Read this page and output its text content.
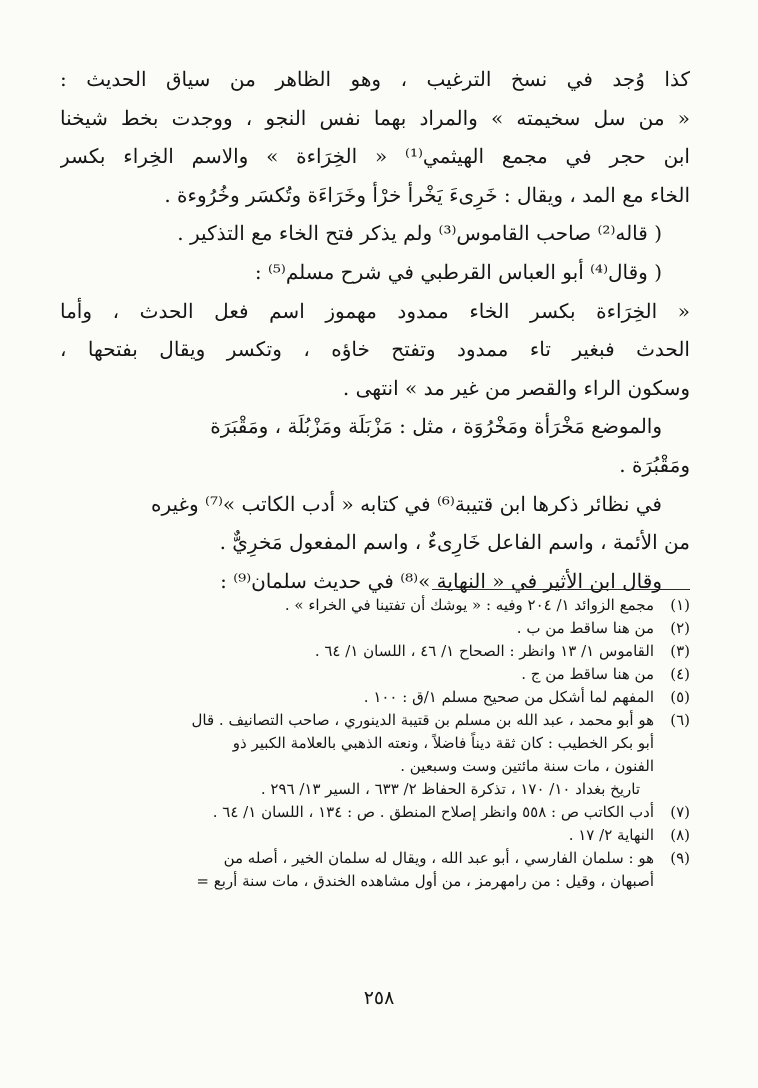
كذا وُجد في نسخ الترغيب ، وهو الظاهر من سياق الحديث :
« من سل سخيمته » والمراد بهما نفس النجو ، ووجدت بخط شيخنا
ابن حجر في مجمع الهيثمي⁽¹⁾ « الخِرَاءة » والاسم الخِراء بكسر
الخاء مع المد ، ويقال : خَرِىءَ يَخْرأ خرْأ وخَرَاءَة وتُكسَر وخُرُوءة .
( قاله⁽²⁾ صاحب القاموس⁽³⁾ ولم يذكر فتح الخاء مع التذكير .
( وقال⁽⁴⁾ أبو العباس القرطبي في شرح مسلم⁽⁵⁾ :
« الخِرَاءة بكسر الخاء ممدود مهموز اسم فعل الحدث ، وأما
الحدث فبغير تاء ممدود وتفتح خاؤه ، وتكسر ويقال بفتحها ،
وسكون الراء والقصر من غير مد » انتهى .
والموضع مَخْرَأة ومَخْرُوَة ، مثل : مَزْبَلَة ومَزْبُلَة ، ومَقْبَرَة
ومَقْبُرَة .
في نظائر ذكرها ابن قتيبة⁽⁶⁾ في كتابه « أدب الكاتب »⁽⁷⁾ وغيره
من الأئمة ، واسم الفاعل خَارِىءٌ ، واسم المفعول مَخرِيٌّ .
وقال ابن الأثير في « النهاية »⁽⁸⁾ في حديث سلمان⁽⁹⁾ :
(١)
مجمع الزوائد ١/ ٢٠٤ وفيه : « يوشك أن تفتينا في الخراء » .
(٢)
من هنا ساقط من ب .
(٣)
القاموس ١/ ١٣ وانظر : الصحاح ١/ ٤٦ ، اللسان ١/ ٦٤ .
(٤)
من هنا ساقط من ج .
(٥)
المفهم لما أشكل من صحيح مسلم ١/ق : ١٠٠ .
(٦)
هو أبو محمد ، عبد الله بن مسلم بن قتيبة الدينوري ، صاحب التصانيف . قال
أبو بكر الخطيب : كان ثقة ديناً فاضلاً ، ونعته الذهبي بالعلامة الكبير ذو
الفنون ، مات سنة مائتين وست وسبعين .
تاريخ بغداد ١٠/ ١٧٠ ، تذكرة الحفاظ ٢/ ٦٣٣ ، السير ١٣/ ٢٩٦ .
(٧)
أدب الكاتب ص : ٥٥٨ وانظر إصلاح المنطق . ص : ١٣٤ ، اللسان ١/ ٦٤ .
(٨)
النهاية ٢/ ١٧ .
(٩)
هو : سلمان الفارسي ، أبو عبد الله ، ويقال له سلمان الخير ، أصله من
أصبهان ، وقيل : من رامهرمز ، من أول مشاهده الخندق ، مات سنة أربع =
٢٥٨
